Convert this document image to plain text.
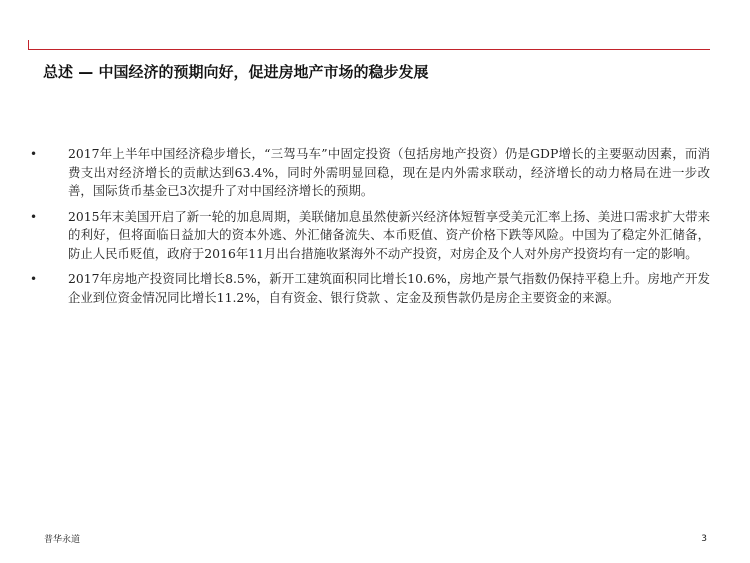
总述 — 中国经济的预期向好，促进房地产市场的稳步发展
• 2017年上半年中国经济稳步增长，“三驾马车”中固定投资（包括房地产投资）仍是GDP增长的主要驱动因素，而消费支出对经济增长的贡献达到63.4%，同时外需明显回稳，现在是内外需求联动，经济增长的动力格局在进一步改善，国际货币基金已3次提升了对中国经济增长的预期。
• 2015年末美国开启了新一轮的加息周期，美联储加息虽然使新兴经济体短暂享受美元汇率上扬、美进口需求扩大带来的利好，但将面临日益加大的资本外逃、外汇储备流失、本币贬值、资产价格下跌等风险。中国为了稳定外汇储备，防止人民币贬值，政府于2016年11月出台措施收紧海外不动产投资，对房企及个人对外房产投资均有一定的影响。
• 2017年房地产投资同比增长8.5%，新开工建筑面积同比增长10.6%，房地产景气指数仍保持平稳上升。房地产开发企业到位资金情况同比增长11.2%，自有资金、银行贷款 、定金及预售款仍是房企主要资金的来源。
普华永道	3
